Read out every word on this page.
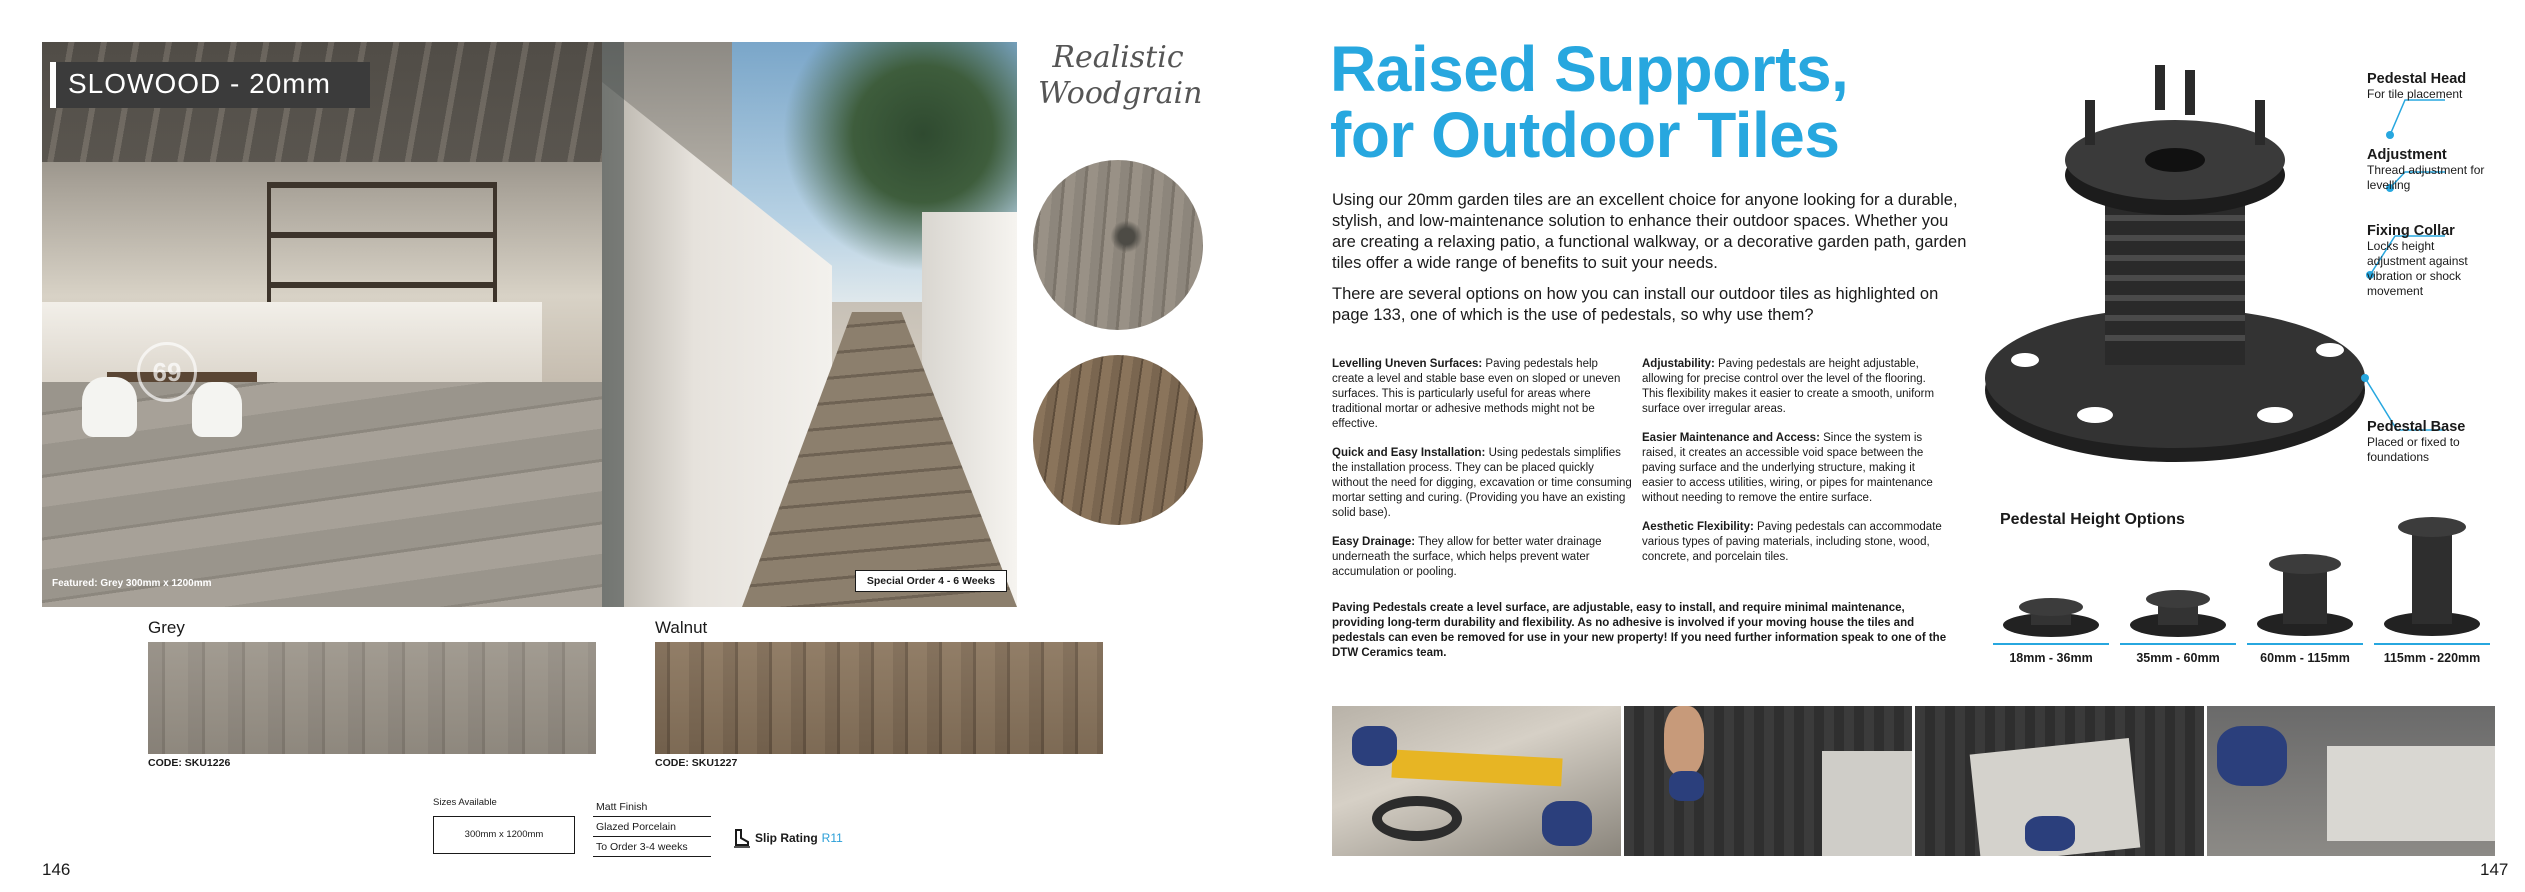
69
SLOWOOD - 20mm
Featured: Grey 300mm x 1200mm	Special Order 4 - 6 Weeks
Realistic
Woodgrain
Grey	Walnut
CODE: SKU1226	CODE: SKU1227
Sizes Available
300mm x 1200mm
Matt Finish
Glazed Porcelain
To Order 3-4 weeks
Slip Rating R11
146
Raised Supports,
for Outdoor Tiles

Using our 20mm garden tiles are an excellent choice for anyone looking for a durable, stylish, and low-maintenance solution to enhance their outdoor spaces. Whether you are creating a relaxing patio, a functional walkway, or a decorative garden path, garden tiles offer a wide range of benefits to suit your needs.

There are several options on how you can install our outdoor tiles as highlighted on page 133, one of which is the use of pedestals, so why use them?

Levelling Uneven Surfaces: Paving pedestals help create a level and stable base even on sloped or uneven surfaces. This is particularly useful for areas where traditional mortar or adhesive methods might not be effective.

Quick and Easy Installation: Using pedestals simplifies the installation process. They can be placed quickly without the need for digging, excavation or time consuming mortar setting and curing. (Providing you have an existing solid base).

Easy Drainage: They allow for better water drainage underneath the surface, which helps prevent water accumulation or pooling.

Adjustability: Paving pedestals are height adjustable, allowing for precise control over the level of the flooring. This flexibility makes it easier to create a smooth, uniform surface over irregular areas.

Easier Maintenance and Access: Since the system is raised, it creates an accessible void space between the paving surface and the underlying structure, making it easier to access utilities, wiring, or pipes for maintenance without needing to remove the entire surface.

Aesthetic Flexibility: Paving pedestals can accommodate various types of paving materials, including stone, wood, concrete, and porcelain tiles.

Paving Pedestals create a level surface, are adjustable, easy to install, and require minimal maintenance, providing long-term durability and flexibility. As no adhesive is involved if your moving house the tiles and pedestals can even be removed for use in your new property! If you need further information speak to one of the DTW Ceramics team.
Pedestal Head
For tile placement
Adjustment
Thread adjustment for levelling
Fixing Collar
Locks height adjustment against vibration or shock movement
Pedestal Base
Placed or fixed to foundations
Pedestal Height Options
18mm - 36mm	35mm - 60mm	60mm - 115mm	115mm - 220mm
147
